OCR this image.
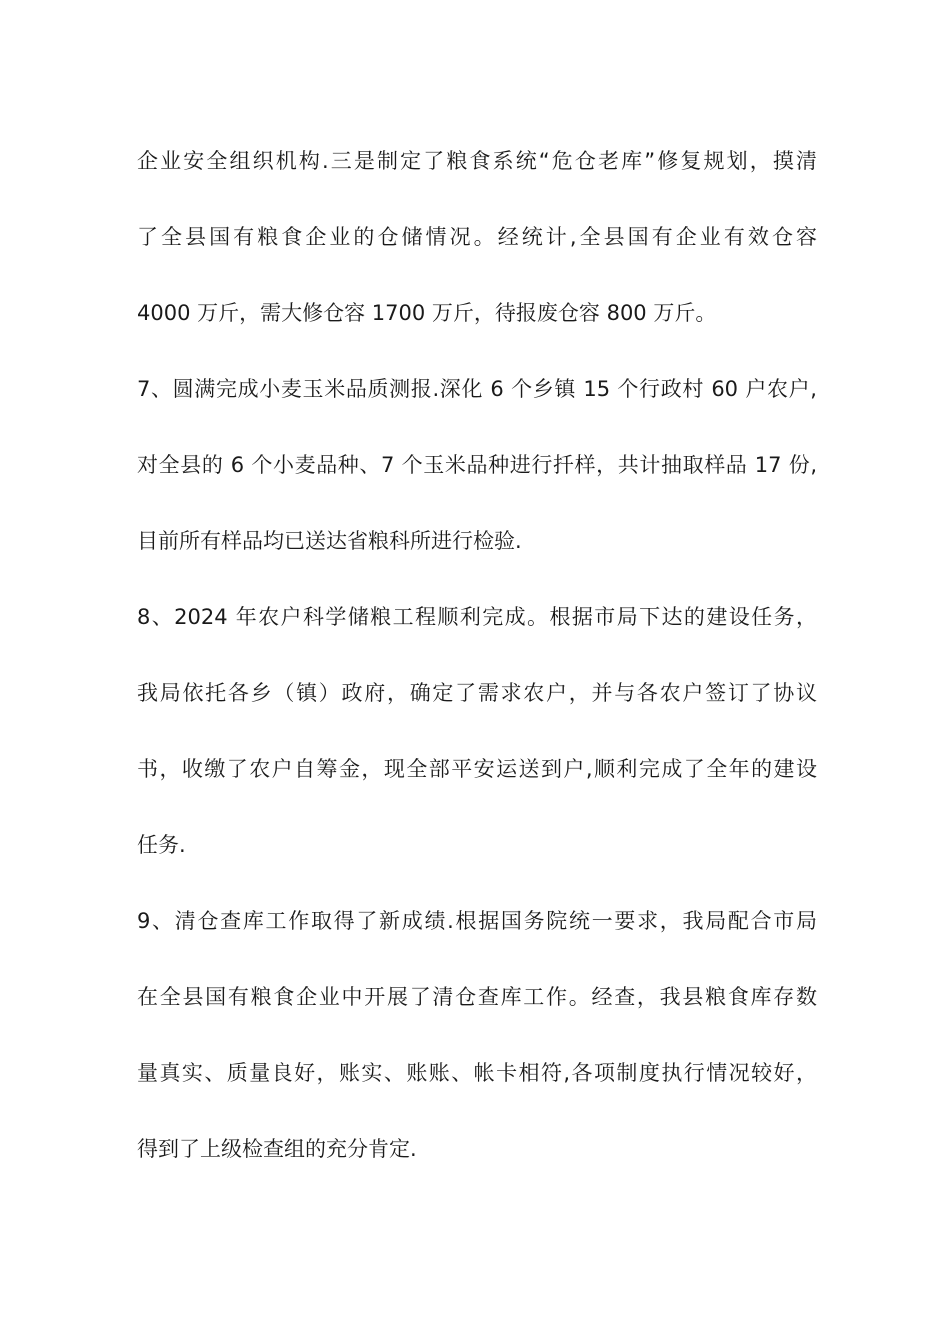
企业安全组织机构.三是制定了粮食系统“危仓老库”修复规划，摸清
了全县国有粮食企业的仓储情况。经统计,全县国有企业有效仓容
4000 万斤，需大修仓容 1700 万斤，待报废仓容 800 万斤。
7、圆满完成小麦玉米品质测报.深化 6 个乡镇 15 个行政村 60 户农户,
对全县的 6 个小麦品种、7 个玉米品种进行扦样，共计抽取样品 17 份,
目前所有样品均已送达省粮科所进行检验.
8、2024 年农户科学储粮工程顺利完成。根据市局下达的建设任务，
我局依托各乡（镇）政府，确定了需求农户，并与各农户签订了协议
书，收缴了农户自筹金，现全部平安运送到户,顺利完成了全年的建设
任务.
9、清仓查库工作取得了新成绩.根据国务院统一要求，我局配合市局
在全县国有粮食企业中开展了清仓查库工作。经查，我县粮食库存数
量真实、质量良好，账实、账账、帐卡相符,各项制度执行情况较好，
得到了上级检查组的充分肯定.
